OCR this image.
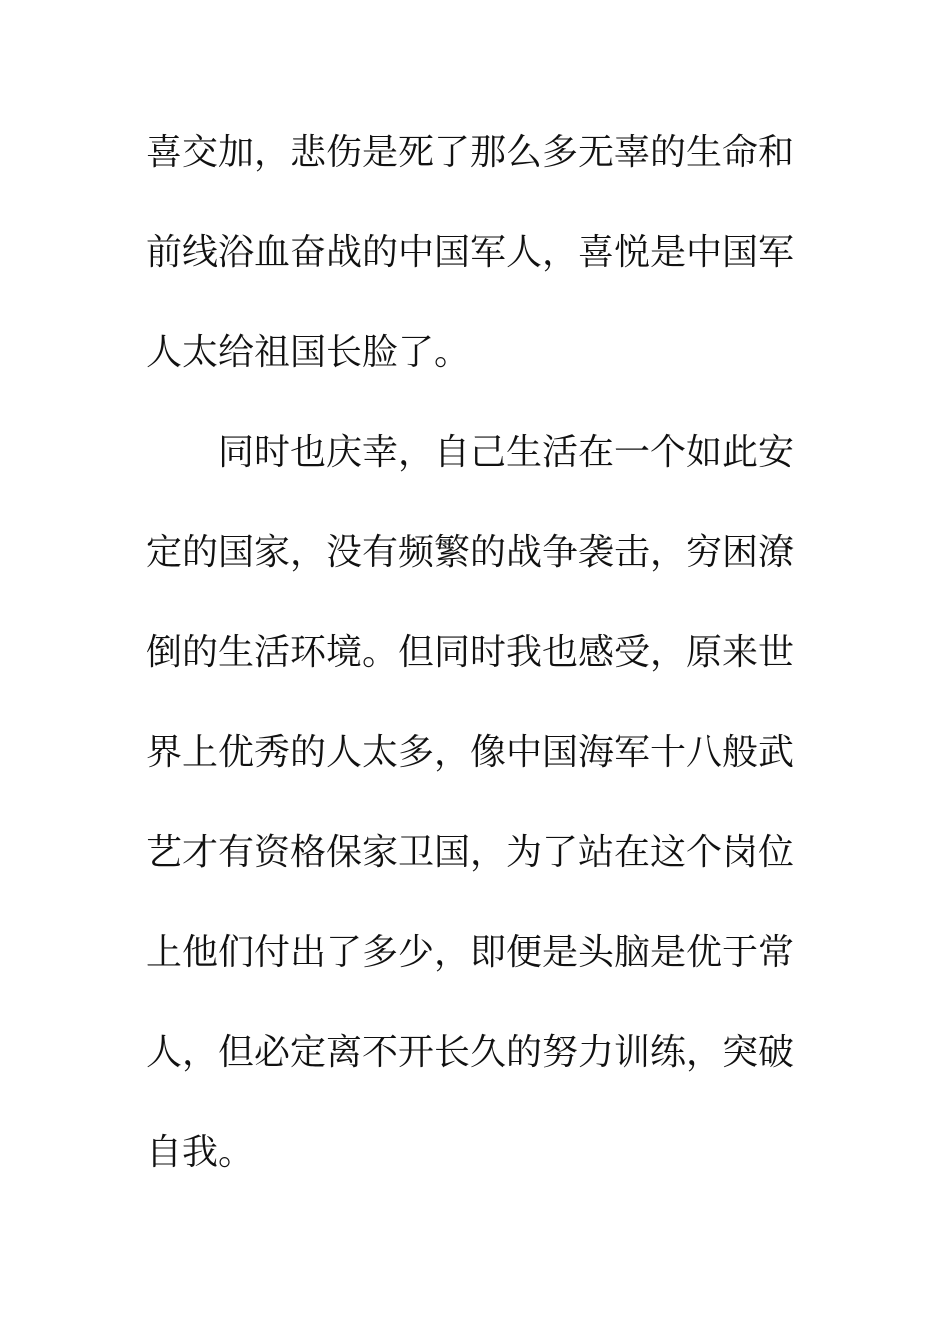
喜交加，悲伤是死了那么多无辜的生命和
前线浴血奋战的中国军人，喜悦是中国军
人太给祖国长脸了。
同时也庆幸，自己生活在一个如此安
定的国家，没有频繁的战争袭击，穷困潦
倒的生活环境。但同时我也感受，原来世
界上优秀的人太多，像中国海军十八般武
艺才有资格保家卫国，为了站在这个岗位
上他们付出了多少，即便是头脑是优于常
人，但必定离不开长久的努力训练，突破
自我。
